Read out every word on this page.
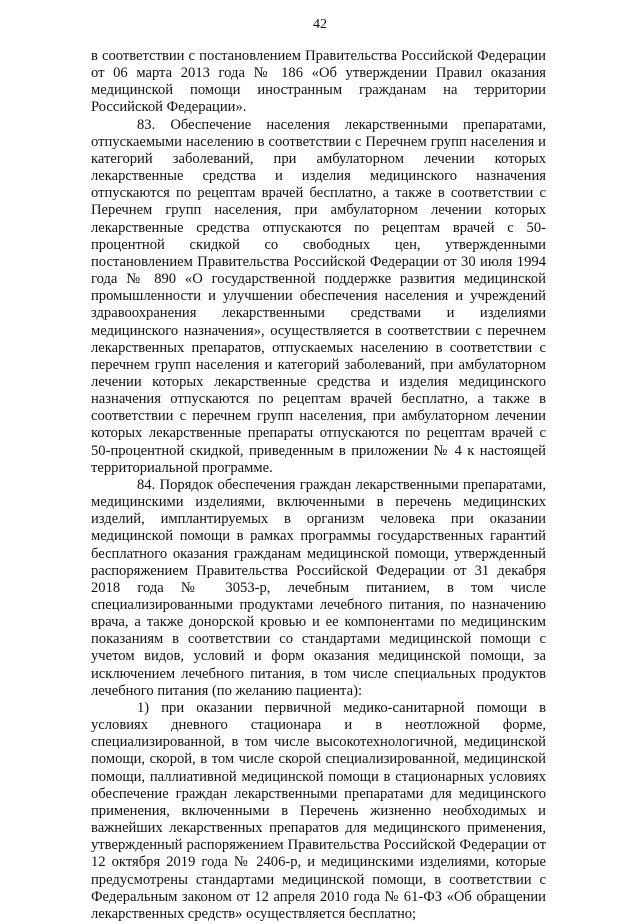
42

в соответствии с постановлением Правительства Российской Федерации от 06 марта 2013 года № 186 «Об утверждении Правил оказания медицинской помощи иностранным гражданам на территории Российской Федерации».

83. Обеспечение населения лекарственными препаратами, отпускаемыми населению в соответствии с Перечнем групп населения и категорий заболеваний, при амбулаторном лечении которых лекарственные средства и изделия медицинского назначения отпускаются по рецептам врачей бесплатно, а также в соответствии с Перечнем групп населения, при амбулаторном лечении которых лекарственные средства отпускаются по рецептам врачей с 50-процентной скидкой со свободных цен, утвержденными постановлением Правительства Российской Федерации от 30 июля 1994 года № 890 «О государственной поддержке развития медицинской промышленности и улучшении обеспечения населения и учреждений здравоохранения лекарственными средствами и изделиями медицинского назначения», осуществляется в соответствии с перечнем лекарственных препаратов, отпускаемых населению в соответствии с перечнем групп населения и категорий заболеваний, при амбулаторном лечении которых лекарственные средства и изделия медицинского назначения отпускаются по рецептам врачей бесплатно, а также в соответствии с перечнем групп населения, при амбулаторном лечении которых лекарственные препараты отпускаются по рецептам врачей с 50-процентной скидкой, приведенным в приложении № 4 к настоящей территориальной программе.

84. Порядок обеспечения граждан лекарственными препаратами, медицинскими изделиями, включенными в перечень медицинских изделий, имплантируемых в организм человека при оказании медицинской помощи в рамках программы государственных гарантий бесплатного оказания гражданам медицинской помощи, утвержденный распоряжением Правительства Российской Федерации от 31 декабря 2018 года № 3053-р, лечебным питанием, в том числе специализированными продуктами лечебного питания, по назначению врача, а также донорской кровью и ее компонентами по медицинским показаниям в соответствии со стандартами медицинской помощи с учетом видов, условий и форм оказания медицинской помощи, за исключением лечебного питания, в том числе специальных продуктов лечебного питания (по желанию пациента):

1) при оказании первичной медико-санитарной помощи в условиях дневного стационара и в неотложной форме, специализированной, в том числе высокотехнологичной, медицинской помощи, скорой, в том числе скорой специализированной, медицинской помощи, паллиативной медицинской помощи в стационарных условиях обеспечение граждан лекарственными препаратами для медицинского применения, включенными в Перечень жизненно необходимых и важнейших лекарственных препаратов для медицинского применения, утвержденный распоряжением Правительства Российской Федерации от 12 октября 2019 года № 2406-р, и медицинскими изделиями, которые предусмотрены стандартами медицинской помощи, в соответствии с Федеральным законом от 12 апреля 2010 года № 61-ФЗ «Об обращении лекарственных средств» осуществляется бесплатно;
